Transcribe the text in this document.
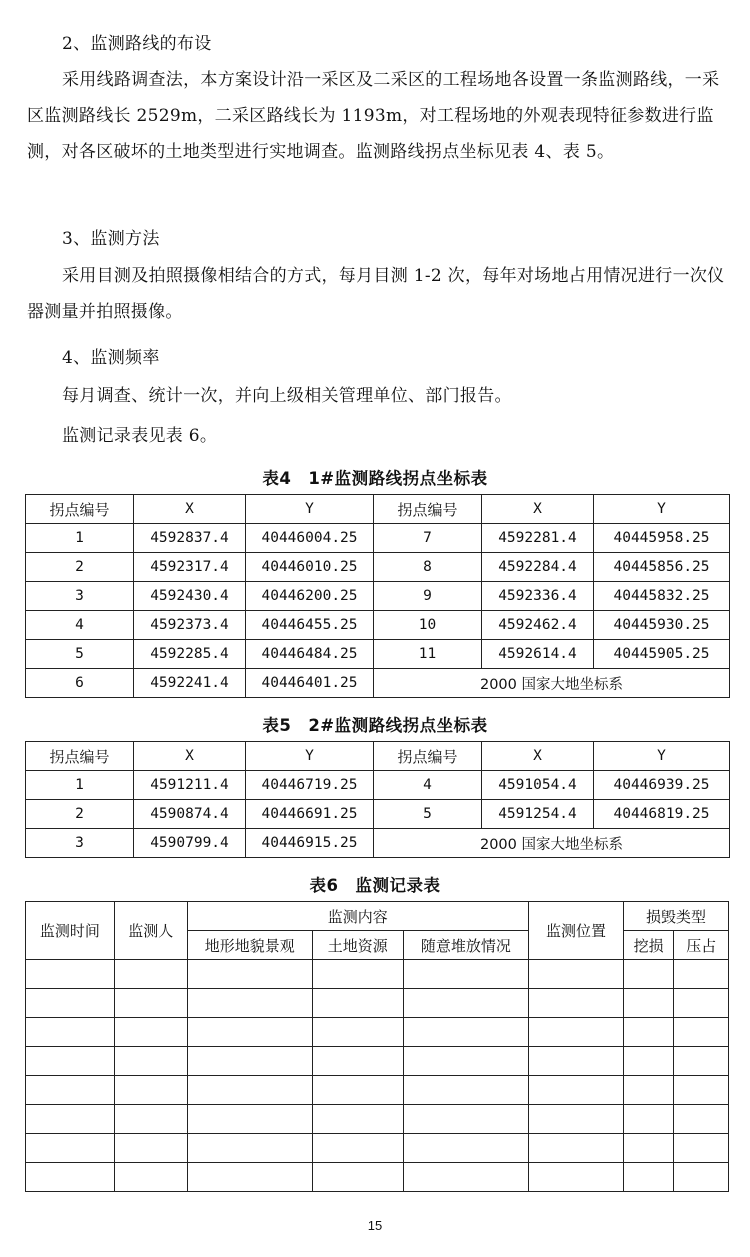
2、监测路线的布设
采用线路调查法，本方案设计沿一采区及二采区的工程场地各设置一条监测路线，一采区监测路线长 2529m，二采区路线长为 1193m，对工程场地的外观表现特征参数进行监测，对各区破坏的土地类型进行实地调查。监测路线拐点坐标见表 4、表 5。
3、监测方法
采用目测及拍照摄像相结合的方式，每月目测 1-2 次，每年对场地占用情况进行一次仪器测量并拍照摄像。
4、监测频率
每月调查、统计一次，并向上级相关管理单位、部门报告。
监测记录表见表 6。
表4　1#监测路线拐点坐标表
拐点编号	X	Y	拐点编号	X	Y
1	4592837.4	40446004.25	7	4592281.4	40445958.25
2	4592317.4	40446010.25	8	4592284.4	40445856.25
3	4592430.4	40446200.25	9	4592336.4	40445832.25
4	4592373.4	40446455.25	10	4592462.4	40445930.25
5	4592285.4	40446484.25	11	4592614.4	40445905.25
6	4592241.4	40446401.25	2000 国家大地坐标系		
表5　2#监测路线拐点坐标表
拐点编号	X	Y	拐点编号	X	Y
1	4591211.4	40446719.25	4	4591054.4	40446939.25
2	4590874.4	40446691.25	5	4591254.4	40446819.25
3	4590799.4	40446915.25	2000 国家大地坐标系		
表6　监测记录表
监测时间	监测人	监测内容			监测位置	损毁类型	
		地形地貌景观	土地资源	随意堆放情况		挖损	压占

15
